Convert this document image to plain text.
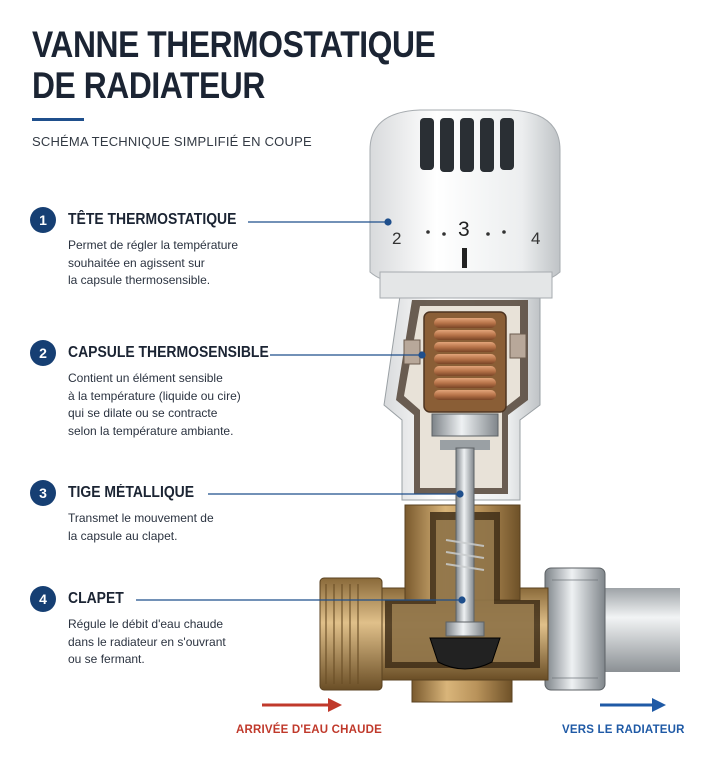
VANNE THERMOSTATIQUE
DE RADIATEUR
SCHÉMA TECHNIQUE SIMPLIFIÉ EN COUPE
2	3	4
1	TÊTE THERMOSTATIQUE
Permet de régler la température
souhaitée en agissent sur
la capsule thermosensible.
2	CAPSULE THERMOSENSIBLE
Contient un élément sensible
à la température (liquide ou cire)
qui se dilate ou se contracte
selon la température ambiante.
3	TIGE MÉTALLIQUE
Transmet le mouvement de
la capsule au clapet.
4	CLAPET
Régule le débit d'eau chaude
dans le radiateur en s'ouvrant
ou se fermant.
ARRIVÉE D'EAU CHAUDE	VERS LE RADIATEUR
